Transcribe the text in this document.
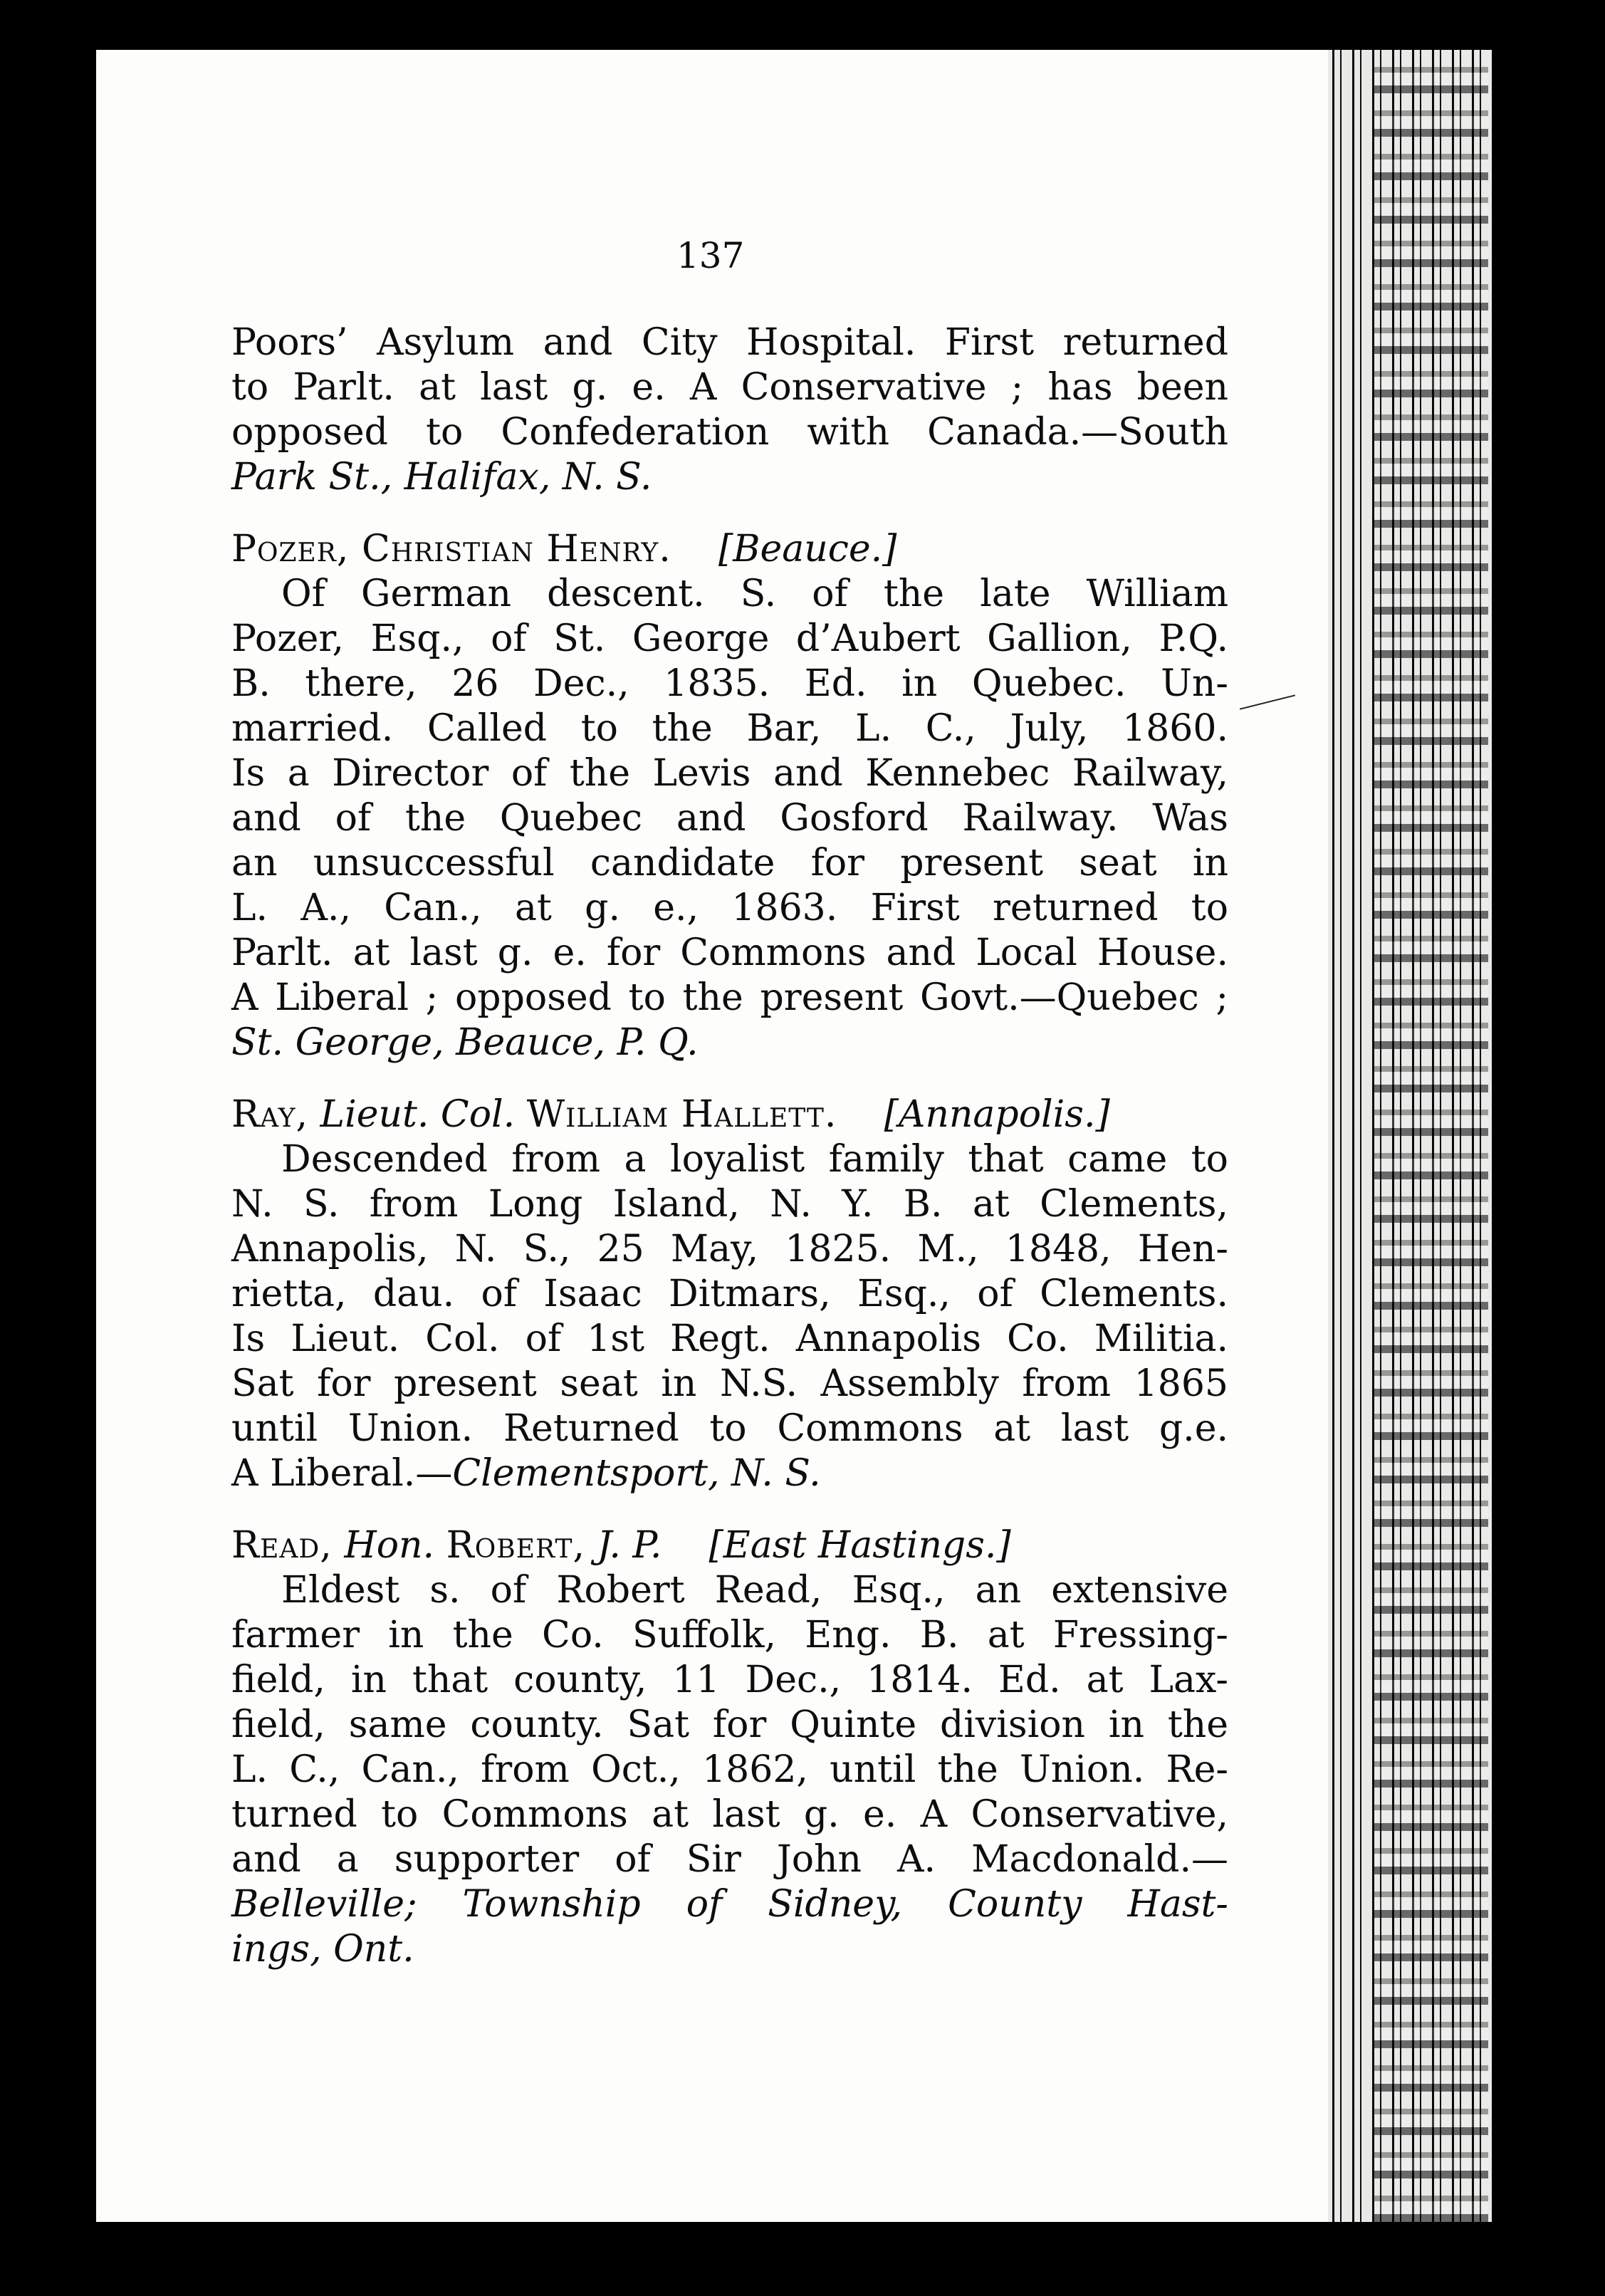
137
Poors’ Asylum and City Hospital. First returned
to Parlt. at last g. e. A Conservative ; has been
opposed to Confederation with Canada.—South
Park St., Halifax, N. S.
Pozer, Christian Henry. [Beauce.]
Of German descent. S. of the late William
Pozer, Esq., of St. George d’Aubert Gallion, P.Q.
B. there, 26 Dec., 1835. Ed. in Quebec. Un-
married. Called to the Bar, L. C., July, 1860.
Is a Director of the Levis and Kennebec Railway,
and of the Quebec and Gosford Railway. Was
an unsuccessful candidate for present seat in
L. A., Can., at g. e., 1863. First returned to
Parlt. at last g. e. for Commons and Local House.
A Liberal ; opposed to the present Govt.—Quebec ;
St. George, Beauce, P. Q.
Ray, Lieut. Col. William Hallett. [Annapolis.]
Descended from a loyalist family that came to
N. S. from Long Island, N. Y. B. at Clements,
Annapolis, N. S., 25 May, 1825. M., 1848, Hen-
rietta, dau. of Isaac Ditmars, Esq., of Clements.
Is Lieut. Col. of 1st Regt. Annapolis Co. Militia.
Sat for present seat in N.S. Assembly from 1865
until Union. Returned to Commons at last g.e.
A Liberal.—Clementsport, N. S.
Read, Hon. Robert, J. P. [East Hastings.]
Eldest s. of Robert Read, Esq., an extensive
farmer in the Co. Suffolk, Eng. B. at Fressing-
field, in that county, 11 Dec., 1814. Ed. at Lax-
field, same county. Sat for Quinte division in the
L. C., Can., from Oct., 1862, until the Union. Re-
turned to Commons at last g. e. A Conservative,
and a supporter of Sir John A. Macdonald.—
Belleville; Township of Sidney, County Hast-
ings, Ont.
